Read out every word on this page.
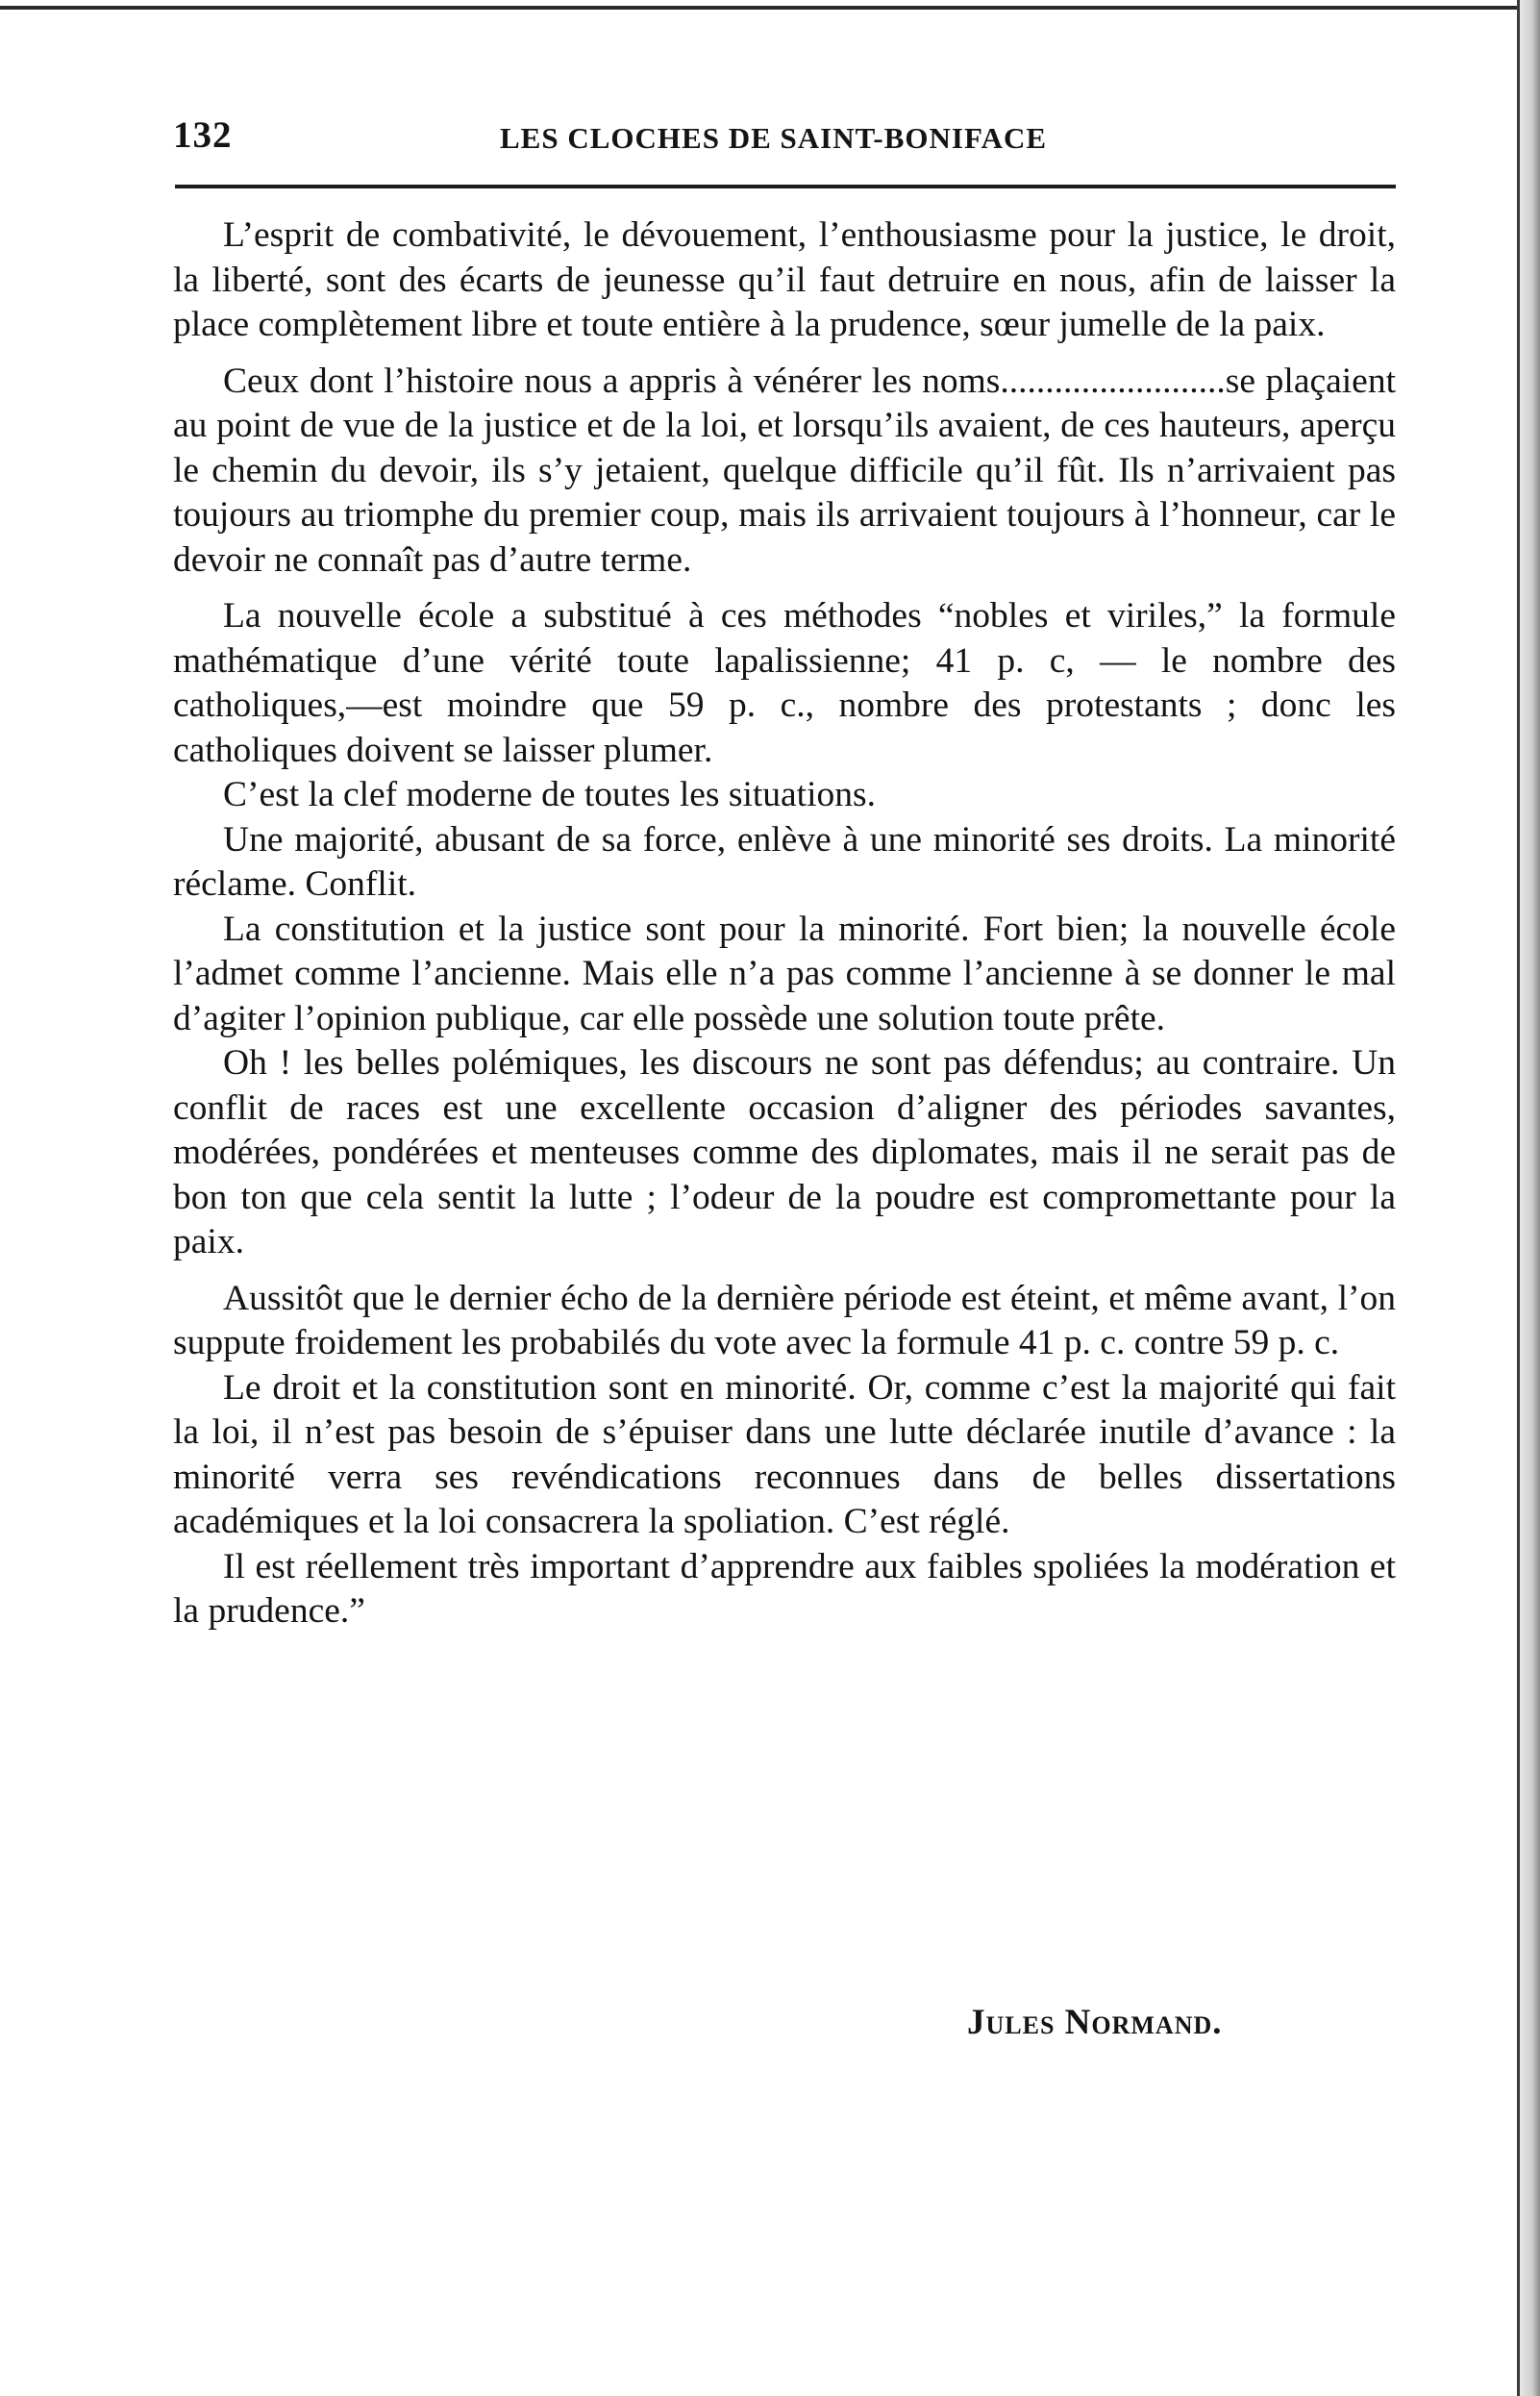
132	LES CLOCHES DE SAINT-BONIFACE

L’esprit de combativité, le dévouement, l’enthousiasme pour la justice, le droit, la liberté, sont des écarts de jeunesse qu’il faut detruire en nous, afin de laisser la place complètement libre et toute entière à la prudence, sœur jumelle de la paix.

Ceux dont l’histoire nous a appris à vénérer les noms.........................se plaçaient au point de vue de la justice et de la loi, et lorsqu’ils avaient, de ces hauteurs, aperçu le chemin du devoir, ils s’y jetaient, quelque difficile qu’il fût. Ils n’arrivaient pas toujours au triomphe du premier coup, mais ils arrivaient toujours à l’honneur, car le devoir ne connaît pas d’autre terme.

La nouvelle école a substitué à ces méthodes “nobles et viriles,” la formule mathématique d’une vérité toute lapalissienne; 41 p. c, — le nombre des catholiques,—est moindre que 59 p. c., nombre des protestants ; donc les catholiques doivent se laisser plumer.

C’est la clef moderne de toutes les situations.

Une majorité, abusant de sa force, enlève à une minorité ses droits. La minorité réclame. Conflit.

La constitution et la justice sont pour la minorité. Fort bien; la nouvelle école l’admet comme l’ancienne. Mais elle n’a pas comme l’ancienne à se donner le mal d’agiter l’opinion publique, car elle possède une solution toute prête.

Oh ! les belles polémiques, les discours ne sont pas défendus; au contraire. Un conflit de races est une excellente occasion d’aligner des périodes savantes, modérées, pondérées et menteuses comme des diplomates, mais il ne serait pas de bon ton que cela sentit la lutte ; l’odeur de la poudre est compromettante pour la paix.

Aussitôt que le dernier écho de la dernière période est éteint, et même avant, l’on suppute froidement les probabilés du vote avec la formule 41 p. c. contre 59 p. c.

Le droit et la constitution sont en minorité. Or, comme c’est la majorité qui fait la loi, il n’est pas besoin de s’épuiser dans une lutte déclarée inutile d’avance : la minorité verra ses revéndications reconnues dans de belles dissertations académiques et la loi consacrera la spoliation. C’est réglé.

Il est réellement très important d’apprendre aux faibles spoliées la modération et la prudence.”

Jules Normand.
